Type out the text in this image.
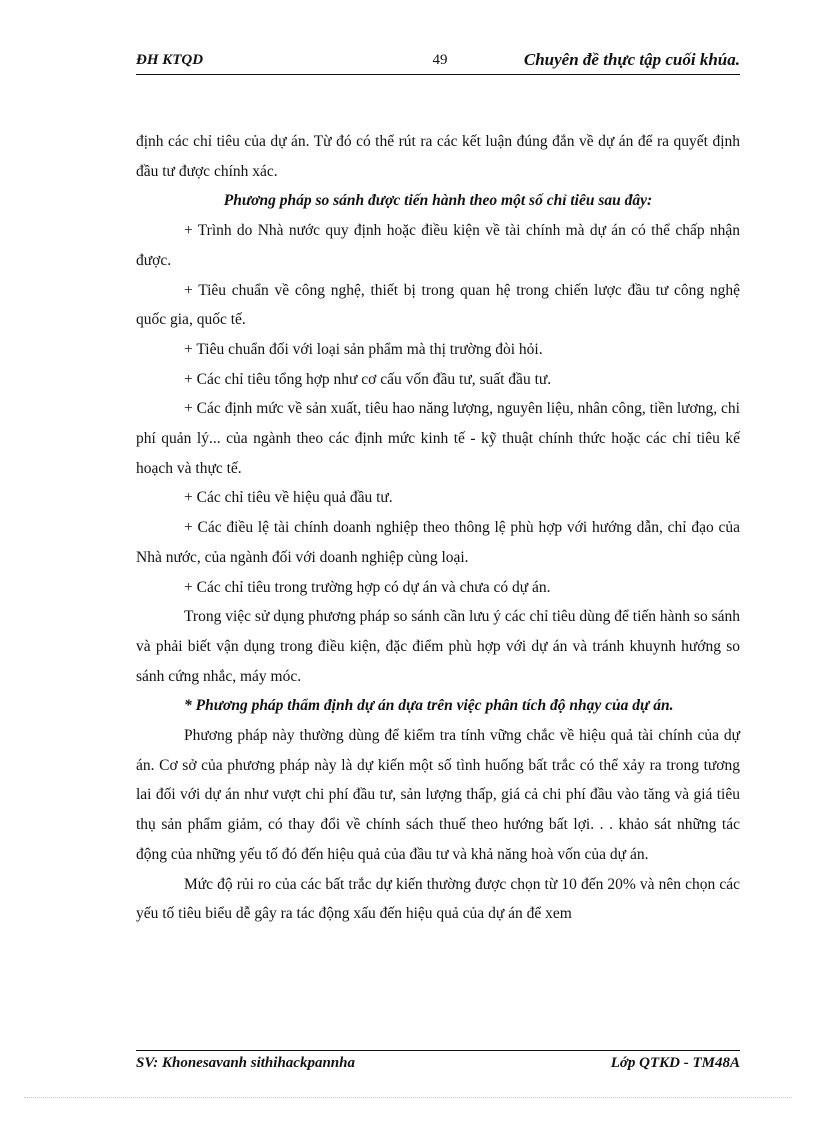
ĐH KTQD	49	Chuyên đề thực tập cuối khúa.

định các chỉ tiêu của dự án. Từ đó có thể rút ra các kết luận đúng đắn về dự án để ra quyết định đầu tư được chính xác.

Phương pháp so sánh được tiến hành theo một số chỉ tiêu sau đây:

+ Trình do Nhà nước quy định hoặc điều kiện về tài chính mà dự án có thể chấp nhận được.

+ Tiêu chuẩn về công nghệ, thiết bị trong quan hệ trong chiến lược đầu tư công nghệ quốc gia, quốc tế.

+ Tiêu chuẩn đối với loại sản phẩm mà thị trường đòi hỏi.

+ Các chỉ tiêu tổng hợp như cơ cấu vốn đầu tư, suất đầu tư.

+ Các định mức về sản xuất, tiêu hao năng lượng, nguyên liệu, nhân công, tiền lương, chi phí quản lý... của ngành theo các định mức kinh tế - kỹ thuật chính thức hoặc các chỉ tiêu kế hoạch và thực tế.

+ Các chỉ tiêu về hiệu quả đầu tư.

+ Các điều lệ tài chính doanh nghiệp theo thông lệ phù hợp với hướng dẫn, chỉ đạo của Nhà nước, của ngành đối với doanh nghiệp cùng loại.

+ Các chỉ tiêu trong trường hợp có dự án và chưa có dự án.

Trong việc sử dụng phương pháp so sánh cần lưu ý các chỉ tiêu dùng để tiến hành so sánh và phải biết vận dụng trong điều kiện, đặc điểm phù hợp với dự án và tránh khuynh hướng so sánh cứng nhắc, máy móc.

* Phương pháp thẩm định dự án dựa trên việc phân tích độ nhạy của dự án.

Phương pháp này thường dùng để kiểm tra tính vững chắc về hiệu quả tài chính của dự án. Cơ sở của phương pháp này là dự kiến một số tình huống bất trắc có thể xảy ra trong tương lai đối với dự án như vượt chi phí đầu tư, sản lượng thấp, giá cả chi phí đầu vào tăng và giá tiêu thụ sản phẩm giảm, có thay đổi về chính sách thuế theo hướng bất lợi. . . khảo sát những tác động của những yếu tố đó đến hiệu quả của đầu tư và khả năng hoà vốn của dự án.

Mức độ rủi ro của các bất trắc dự kiến thường được chọn từ 10 đến 20% và nên chọn các yếu tố tiêu biểu dễ gây ra tác động xấu đến hiệu quả của dự án để xem

SV: Khonesavanh sithihackpannha	Lớp QTKD - TM48A
